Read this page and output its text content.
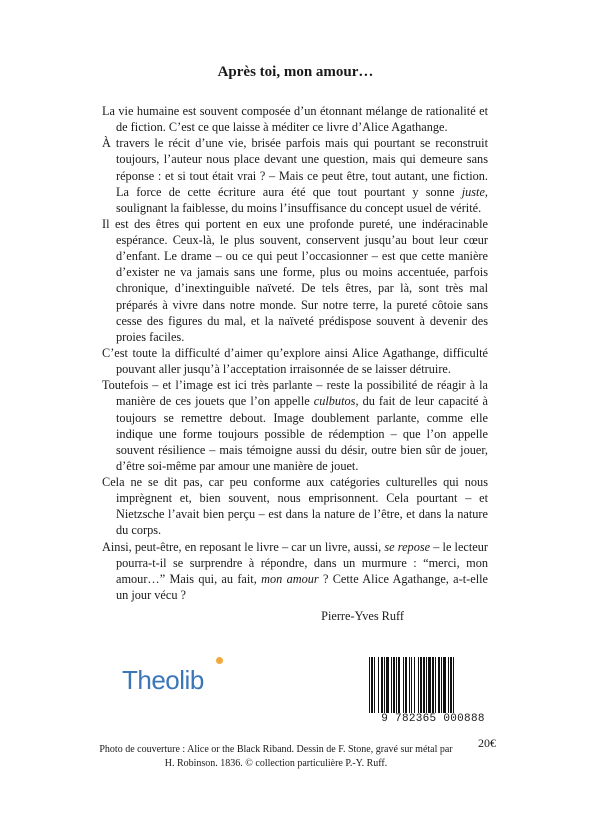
Après toi, mon amour…

La vie humaine est souvent composée d’un étonnant mélange de rationalité et de fiction. C’est ce que laisse à méditer ce livre d’Alice Agathange.

À travers le récit d’une vie, brisée parfois mais qui pourtant se reconstruit toujours, l’auteur nous place devant une question, mais qui demeure sans réponse : et si tout était vrai ? – Mais ce peut être, tout autant, une fiction. La force de cette écriture aura été que tout pourtant y sonne juste, soulignant la faiblesse, du moins l’insuffisance du concept usuel de vérité.

Il est des êtres qui portent en eux une profonde pureté, une indéracinable espérance. Ceux-là, le plus souvent, conservent jusqu’au bout leur cœur d’enfant. Le drame – ou ce qui peut l’occasionner – est que cette manière d’exister ne va jamais sans une forme, plus ou moins accentuée, parfois chronique, d’inextinguible naïveté. De tels êtres, par là, sont très mal préparés à vivre dans notre monde. Sur notre terre, la pureté côtoie sans cesse des figures du mal, et la naïveté prédispose souvent à devenir des proies faciles.

C’est toute la difficulté d’aimer qu’explore ainsi Alice Agathange, difficulté pouvant aller jusqu’à l’acceptation irraisonnée de se laisser détruire.

Toutefois – et l’image est ici très parlante – reste la possibilité de réagir à la manière de ces jouets que l’on appelle culbutos, du fait de leur capacité à toujours se remettre debout. Image doublement parlante, comme elle indique une forme toujours possible de rédemption – que l’on appelle souvent résilience – mais témoigne aussi du désir, outre bien sûr de jouer, d’être soi-même par amour une manière de jouet.

Cela ne se dit pas, car peu conforme aux catégories culturelles qui nous imprègnent et, bien souvent, nous emprisonnent. Cela pourtant – et Nietzsche l’avait bien perçu – est dans la nature de l’être, et dans la nature du corps.

Ainsi, peut-être, en reposant le livre – car un livre, aussi, se repose – le lecteur pourra-t-il se surprendre à répondre, dans un murmure : “merci, mon amour…” Mais qui, au fait, mon amour ? Cette Alice Agathange, a-t-elle un jour vécu ?

Pierre-Yves Ruff

Theolib
9 782365 000888
20€

Photo de couverture : Alice or the Black Riband. Dessin de F. Stone, gravé sur métal par H. Robinson. 1836. © collection particulière P.-Y. Ruff.
